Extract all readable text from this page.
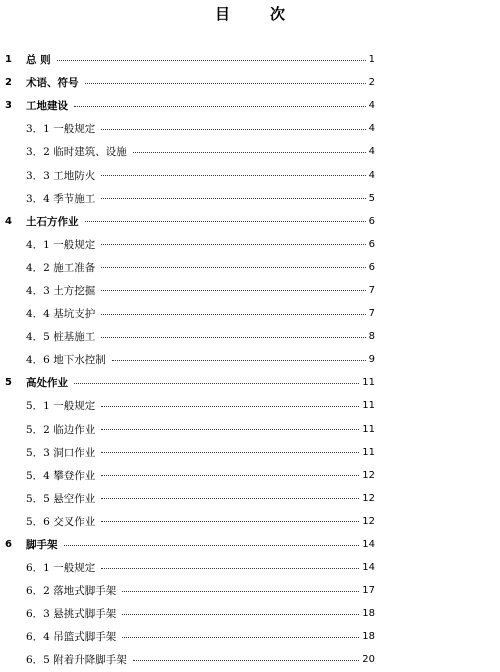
目	次
1 总 则	1
2 术语、符号	2
3 工地建设	4
3．1 一般规定	4
3．2 临时建筑、设施	4
3．3 工地防火	4
3．4 季节施工	5
4 土石方作业	6
4．1 一般规定	6
4．2 施工准备	6
4．3 土方挖掘	7
4．4 基坑支护	7
4．5 桩基施工	8
4．6 地下水控制	9
5 高处作业	11
5．1 一般规定	11
5．2 临边作业	11
5．3 洞口作业	11
5．4 攀登作业	12
5．5 悬空作业	12
5．6 交叉作业	12
6 脚手架	14
6．1 一般规定	14
6．2 落地式脚手架	17
6．3 悬挑式脚手架	18
6．4 吊篮式脚手架	18
6．5 附着升降脚手架	20
